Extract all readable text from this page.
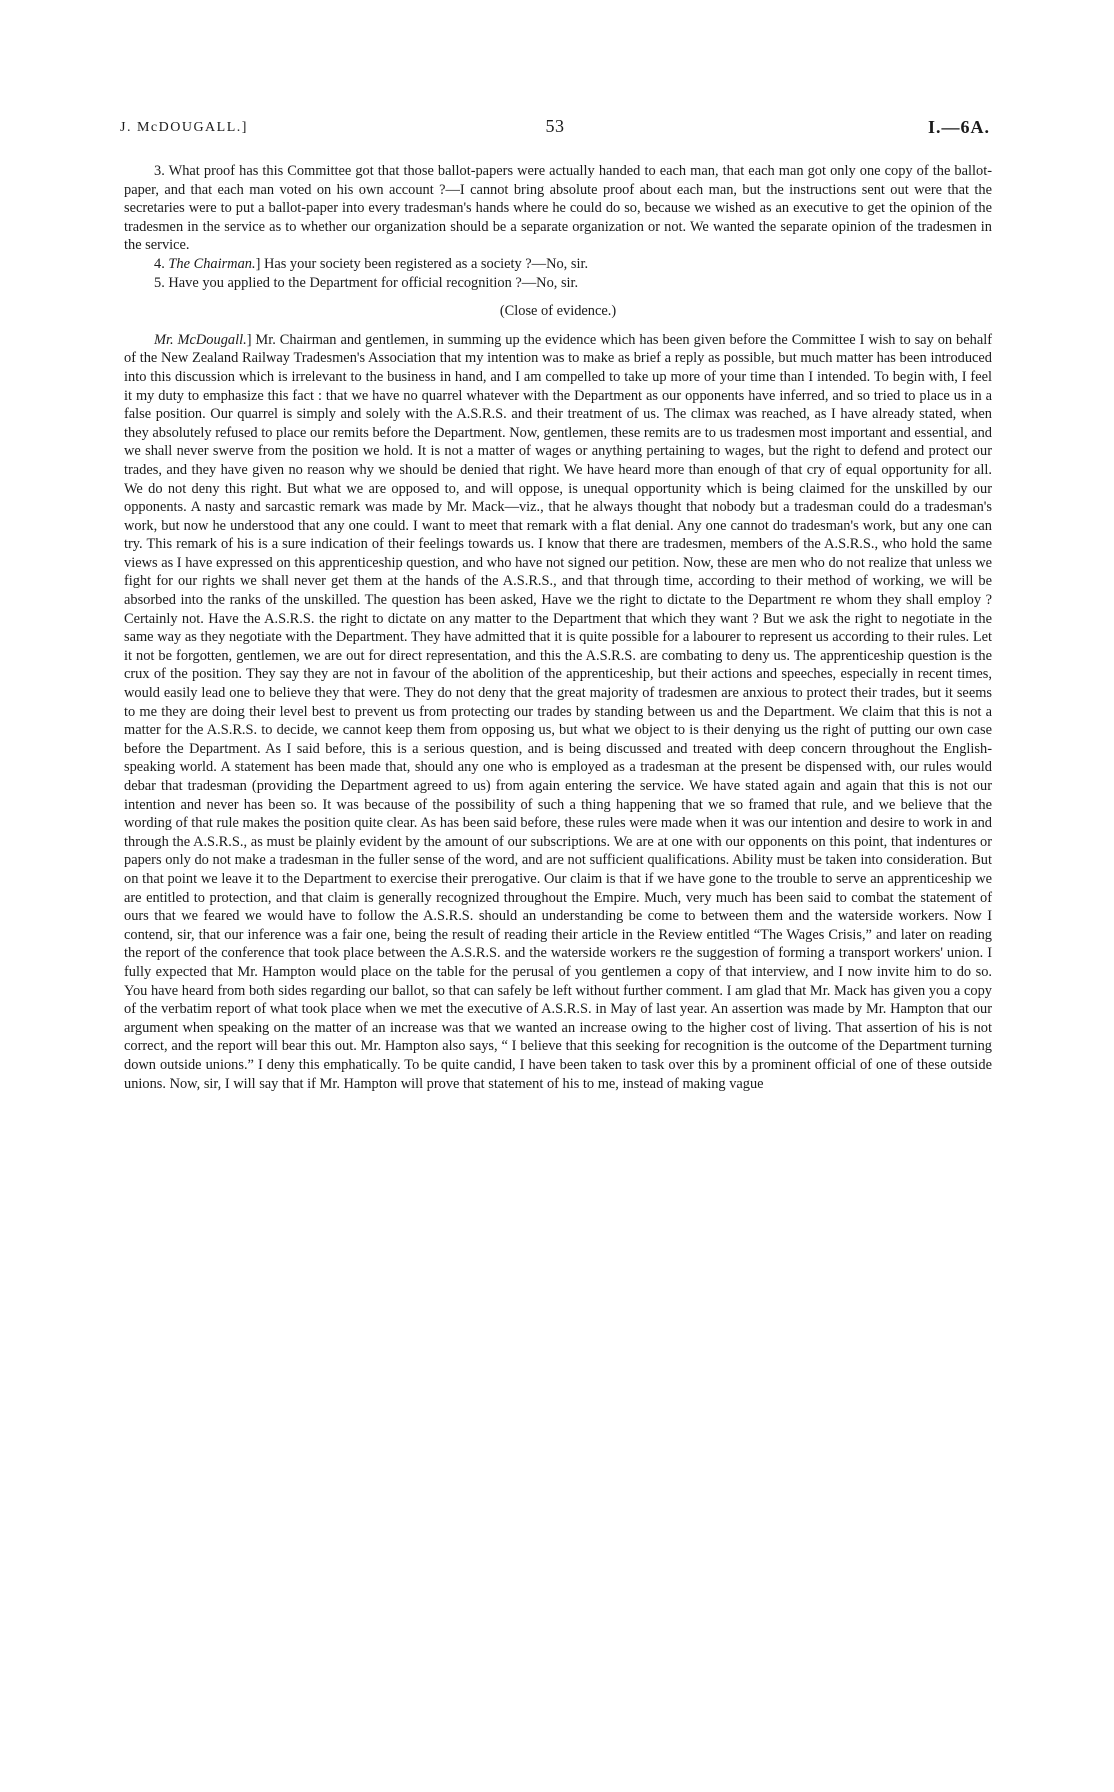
J. McDOUGALL.]	53	I.—6A.

3. What proof has this Committee got that those ballot-papers were actually handed to each man, that each man got only one copy of the ballot-paper, and that each man voted on his own account ?—I cannot bring absolute proof about each man, but the instructions sent out were that the secretaries were to put a ballot-paper into every tradesman's hands where he could do so, because we wished as an executive to get the opinion of the tradesmen in the service as to whether our organization should be a separate organization or not. We wanted the separate opinion of the tradesmen in the service.

4. The Chairman.] Has your society been registered as a society ?—No, sir.

5. Have you applied to the Department for official recognition ?—No, sir.

(Close of evidence.)

Mr. McDougall.] Mr. Chairman and gentlemen, in summing up the evidence which has been given before the Committee I wish to say on behalf of the New Zealand Railway Tradesmen's Association that my intention was to make as brief a reply as possible, but much matter has been introduced into this discussion which is irrelevant to the business in hand, and I am compelled to take up more of your time than I intended. To begin with, I feel it my duty to emphasize this fact : that we have no quarrel whatever with the Department as our opponents have inferred, and so tried to place us in a false position. Our quarrel is simply and solely with the A.S.R.S. and their treatment of us. The climax was reached, as I have already stated, when they absolutely refused to place our remits before the Department. Now, gentlemen, these remits are to us tradesmen most important and essential, and we shall never swerve from the position we hold. It is not a matter of wages or anything pertaining to wages, but the right to defend and protect our trades, and they have given no reason why we should be denied that right. We have heard more than enough of that cry of equal opportunity for all. We do not deny this right. But what we are opposed to, and will oppose, is unequal opportunity which is being claimed for the unskilled by our opponents. A nasty and sarcastic remark was made by Mr. Mack—viz., that he always thought that nobody but a tradesman could do a tradesman's work, but now he understood that any one could. I want to meet that remark with a flat denial. Any one cannot do tradesman's work, but any one can try. This remark of his is a sure indication of their feelings towards us. I know that there are tradesmen, members of the A.S.R.S., who hold the same views as I have expressed on this apprenticeship question, and who have not signed our petition. Now, these are men who do not realize that unless we fight for our rights we shall never get them at the hands of the A.S.R.S., and that through time, according to their method of working, we will be absorbed into the ranks of the unskilled. The question has been asked, Have we the right to dictate to the Department re whom they shall employ ? Certainly not. Have the A.S.R.S. the right to dictate on any matter to the Department that which they want ? But we ask the right to negotiate in the same way as they negotiate with the Department. They have admitted that it is quite possible for a labourer to represent us according to their rules. Let it not be forgotten, gentlemen, we are out for direct representation, and this the A.S.R.S. are combating to deny us. The apprenticeship question is the crux of the position. They say they are not in favour of the abolition of the apprenticeship, but their actions and speeches, especially in recent times, would easily lead one to believe they that were. They do not deny that the great majority of tradesmen are anxious to protect their trades, but it seems to me they are doing their level best to prevent us from protecting our trades by standing between us and the Department. We claim that this is not a matter for the A.S.R.S. to decide, we cannot keep them from opposing us, but what we object to is their denying us the right of putting our own case before the Department. As I said before, this is a serious question, and is being discussed and treated with deep concern throughout the English-speaking world. A statement has been made that, should any one who is employed as a tradesman at the present be dispensed with, our rules would debar that tradesman (providing the Department agreed to us) from again entering the service. We have stated again and again that this is not our intention and never has been so. It was because of the possibility of such a thing happening that we so framed that rule, and we believe that the wording of that rule makes the position quite clear. As has been said before, these rules were made when it was our intention and desire to work in and through the A.S.R.S., as must be plainly evident by the amount of our subscriptions. We are at one with our opponents on this point, that indentures or papers only do not make a tradesman in the fuller sense of the word, and are not sufficient qualifications. Ability must be taken into consideration. But on that point we leave it to the Department to exercise their prerogative. Our claim is that if we have gone to the trouble to serve an apprenticeship we are entitled to protection, and that claim is generally recognized throughout the Empire. Much, very much has been said to combat the statement of ours that we feared we would have to follow the A.S.R.S. should an understanding be come to between them and the waterside workers. Now I contend, sir, that our inference was a fair one, being the result of reading their article in the Review entitled “The Wages Crisis,” and later on reading the report of the conference that took place between the A.S.R.S. and the waterside workers re the suggestion of forming a transport workers' union. I fully expected that Mr. Hampton would place on the table for the perusal of you gentlemen a copy of that interview, and I now invite him to do so. You have heard from both sides regarding our ballot, so that can safely be left without further comment. I am glad that Mr. Mack has given you a copy of the verbatim report of what took place when we met the executive of A.S.R.S. in May of last year. An assertion was made by Mr. Hampton that our argument when speaking on the matter of an increase was that we wanted an increase owing to the higher cost of living. That assertion of his is not correct, and the report will bear this out. Mr. Hampton also says, “ I believe that this seeking for recognition is the outcome of the Department turning down outside unions.” I deny this emphatically. To be quite candid, I have been taken to task over this by a prominent official of one of these outside unions. Now, sir, I will say that if Mr. Hampton will prove that statement of his to me, instead of making vague
